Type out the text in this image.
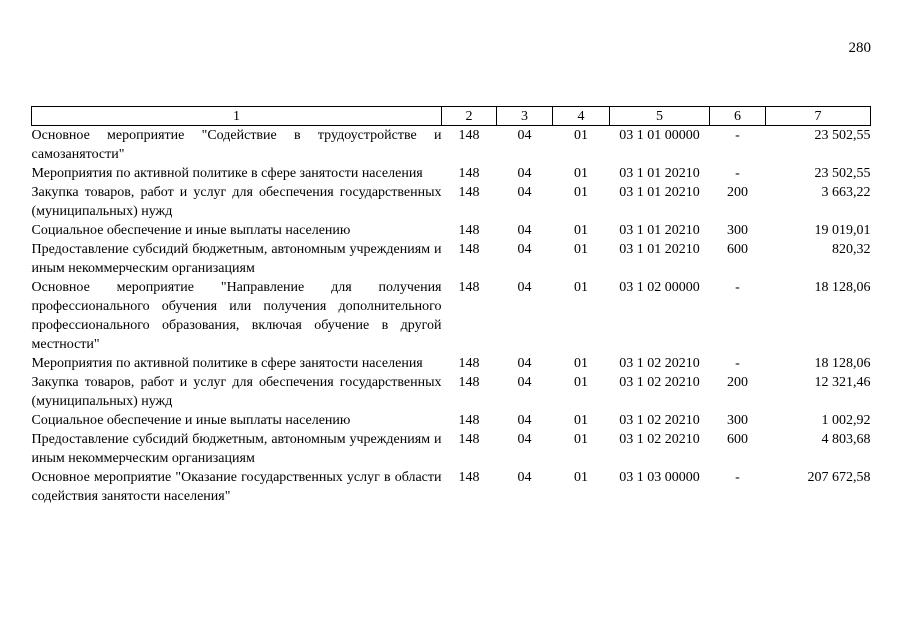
280
1	2	3	4	5	6	7
Основное мероприятие "Содействие в трудоустройстве и самозанятости"	148	04	01	03 1 01 00000	-	23 502,55
Мероприятия по активной политике в сфере занятости населения	148	04	01	03 1 01 20210	-	23 502,55
Закупка товаров, работ и услуг для обеспечения государственных (муниципальных) нужд	148	04	01	03 1 01 20210	200	3 663,22
Социальное обеспечение и иные выплаты населению	148	04	01	03 1 01 20210	300	19 019,01
Предоставление субсидий бюджетным, автономным учреждениям и иным некоммерческим организациям	148	04	01	03 1 01 20210	600	820,32
Основное мероприятие "Направление для получения профессионального обучения или получения дополнительного профессионального образования, включая обучение в другой местности"	148	04	01	03 1 02 00000	-	18 128,06
Мероприятия по активной политике в сфере занятости населения	148	04	01	03 1 02 20210	-	18 128,06
Закупка товаров, работ и услуг для обеспечения государственных (муниципальных) нужд	148	04	01	03 1 02 20210	200	12 321,46
Социальное обеспечение и иные выплаты населению	148	04	01	03 1 02 20210	300	1 002,92
Предоставление субсидий бюджетным, автономным учреждениям и иным некоммерческим организациям	148	04	01	03 1 02 20210	600	4 803,68
Основное мероприятие "Оказание государственных услуг в области содействия занятости населения"	148	04	01	03 1 03 00000	-	207 672,58
